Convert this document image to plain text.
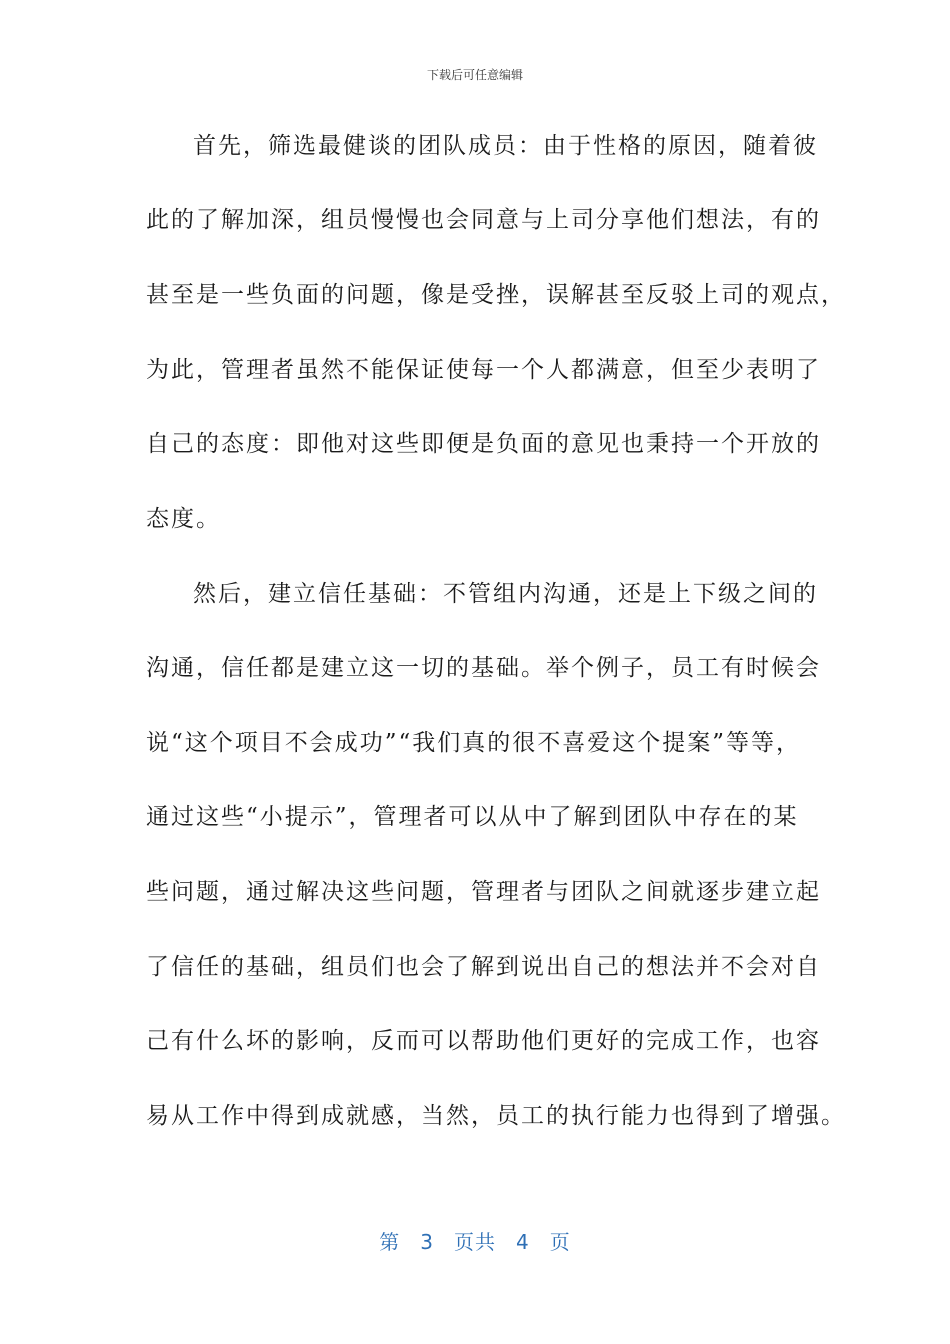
下载后可任意编辑
首先，筛选最健谈的团队成员：由于性格的原因，随着彼
此的了解加深，组员慢慢也会同意与上司分享他们想法，有的
甚至是一些负面的问题，像是受挫，误解甚至反驳上司的观点，
为此，管理者虽然不能保证使每一个人都满意，但至少表明了
自己的态度：即他对这些即便是负面的意见也秉持一个开放的
态度。
然后，建立信任基础：不管组内沟通，还是上下级之间的
沟通，信任都是建立这一切的基础。举个例子，员工有时候会
说“这个项目不会成功”“我们真的很不喜爱这个提案”等等，
通过这些“小提示”，管理者可以从中了解到团队中存在的某
些问题，通过解决这些问题，管理者与团队之间就逐步建立起
了信任的基础，组员们也会了解到说出自己的想法并不会对自
己有什么坏的影响，反而可以帮助他们更好的完成工作，也容
易从工作中得到成就感，当然，员工的执行能力也得到了增强。
第 3 页共 4 页
